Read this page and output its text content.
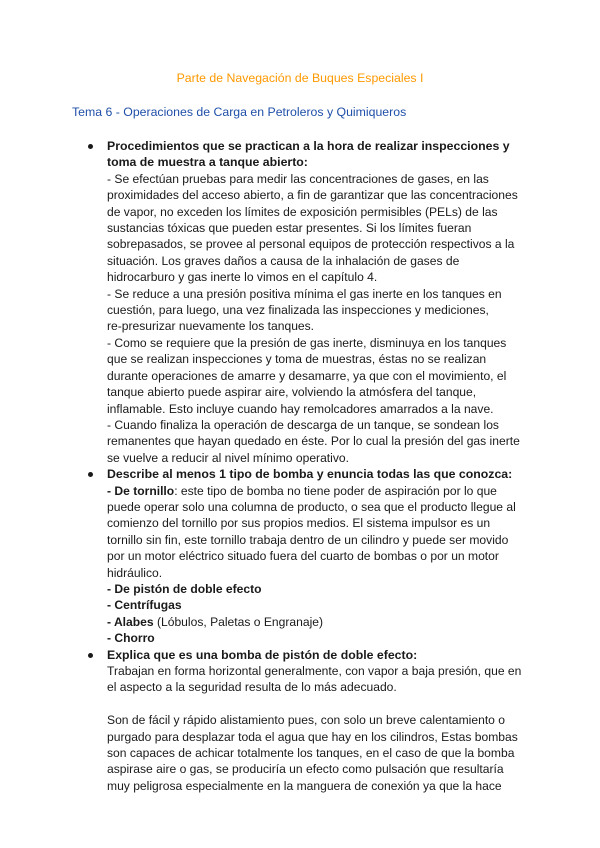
Parte de Navegación de Buques Especiales I
Tema 6 - Operaciones de Carga en Petroleros y Quimiqueros

Procedimientos que se practican a la hora de realizar inspecciones y

toma de muestra a tanque abierto:

- Se efectúan pruebas para medir las concentraciones de gases, en las

proximidades del acceso abierto, a fin de garantizar que las concentraciones

de vapor, no exceden los límites de exposición permisibles (PELs) de las

sustancias tóxicas que pueden estar presentes. Si los límites fueran

sobrepasados, se provee al personal equipos de protección respectivos a la

situación. Los graves daños a causa de la inhalación de gases de

hidrocarburo y gas inerte lo vimos en el capítulo 4.

- Se reduce a una presión positiva mínima el gas inerte en los tanques en

cuestión, para luego, una vez finalizada las inspecciones y mediciones,

re-presurizar nuevamente los tanques.

- Como se requiere que la presión de gas inerte, disminuya en los tanques

que se realizan inspecciones y toma de muestras, éstas no se realizan

durante operaciones de amarre y desamarre, ya que con el movimiento, el

tanque abierto puede aspirar aire, volviendo la atmósfera del tanque,

inflamable. Esto incluye cuando hay remolcadores amarrados a la nave.

- Cuando finaliza la operación de descarga de un tanque, se sondean los

remanentes que hayan quedado en éste. Por lo cual la presión del gas inerte

se vuelve a reducir al nivel mínimo operativo.

Describe al menos 1 tipo de bomba y enuncia todas las que conozca:

- De tornillo: este tipo de bomba no tiene poder de aspiración por lo que

puede operar solo una columna de producto, o sea que el producto llegue al

comienzo del tornillo por sus propios medios. El sistema impulsor es un

tornillo sin fin, este tornillo trabaja dentro de un cilindro y puede ser movido

por un motor eléctrico situado fuera del cuarto de bombas o por un motor

hidráulico.

- De pistón de doble efecto

- Centrífugas

- Alabes (Lóbulos, Paletas o Engranaje)

- Chorro

Explica que es una bomba de pistón de doble efecto:

Trabajan en forma horizontal generalmente, con vapor a baja presión, que en

el aspecto a la seguridad resulta de lo más adecuado.

Son de fácil y rápido alistamiento pues, con solo un breve calentamiento o

purgado para desplazar toda el agua que hay en los cilindros, Estas bombas

son capaces de achicar totalmente los tanques, en el caso de que la bomba

aspirase aire o gas, se produciría un efecto como pulsación que resultaría

muy peligrosa especialmente en la manguera de conexión ya que la hace
